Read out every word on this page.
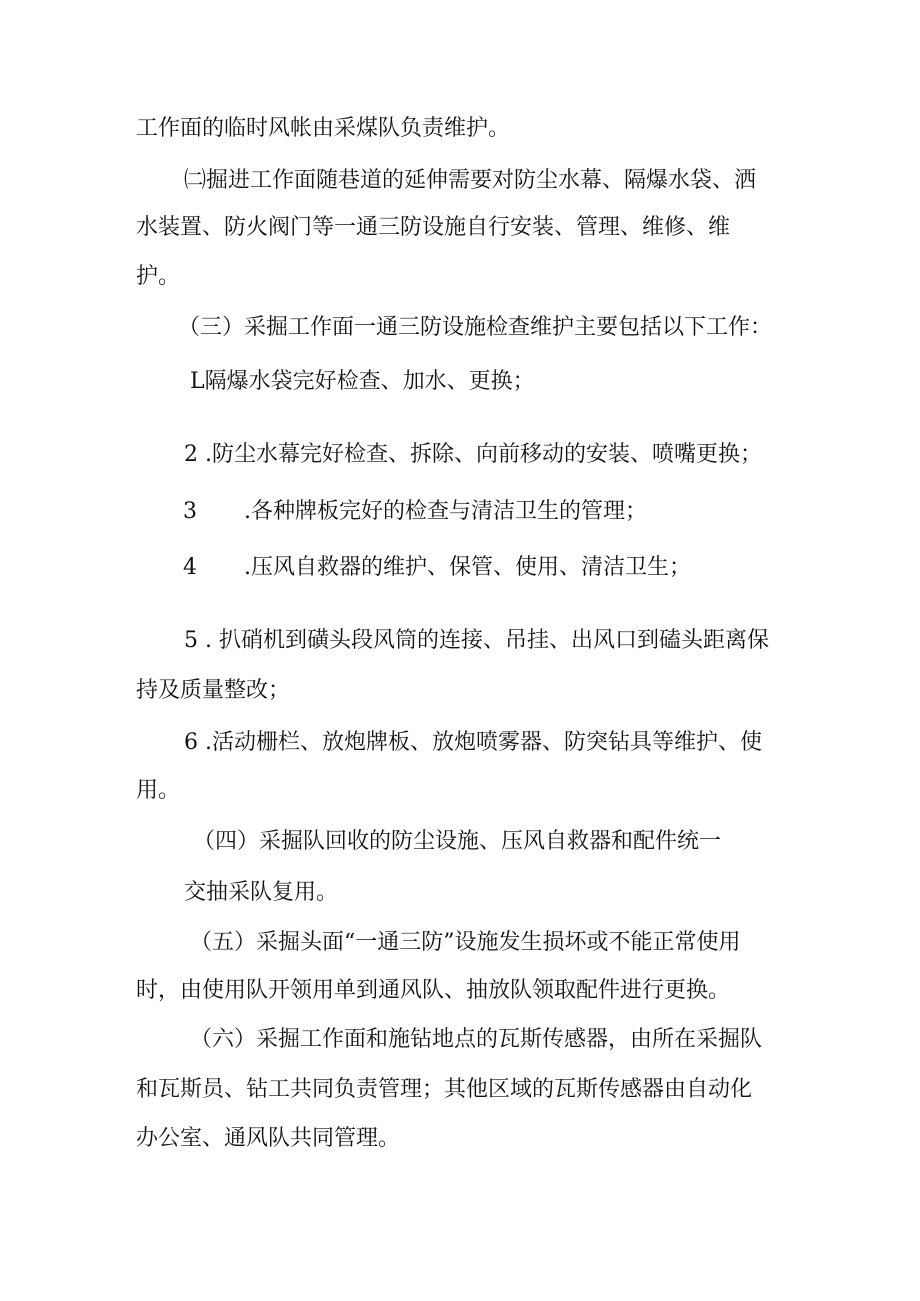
工作面的临时风帐由采煤队负责维护。
㈡掘进工作面随巷道的延伸需要对防尘水幕、隔爆水袋、洒
水装置、防火阀门等一通三防设施自行安装、管理、维修、维
护。
（三）采掘工作面一通三防设施检查维护主要包括以下工作：
L隔爆水袋完好检查、加水、更换；
2 .防尘水幕完好检查、拆除、向前移动的安装、喷嘴更换；
3 .各种牌板完好的检查与清洁卫生的管理；
4 .压风自救器的维护、保管、使用、清洁卫生；
5 . 扒硝机到磺头段风筒的连接、吊挂、出风口到磕头距离保
持及质量整改；
6 .活动栅栏、放炮牌板、放炮喷雾器、防突钻具等维护、使
用。
（四）采掘队回收的防尘设施、压风自救器和配件统一
交抽采队复用。
（五）采掘头面“一通三防”设施发生损坏或不能正常使用
时，由使用队开领用单到通风队、抽放队领取配件进行更换。
（六）采掘工作面和施钻地点的瓦斯传感器，由所在采掘队
和瓦斯员、钻工共同负责管理；其他区域的瓦斯传感器由自动化
办公室、通风队共同管理。
